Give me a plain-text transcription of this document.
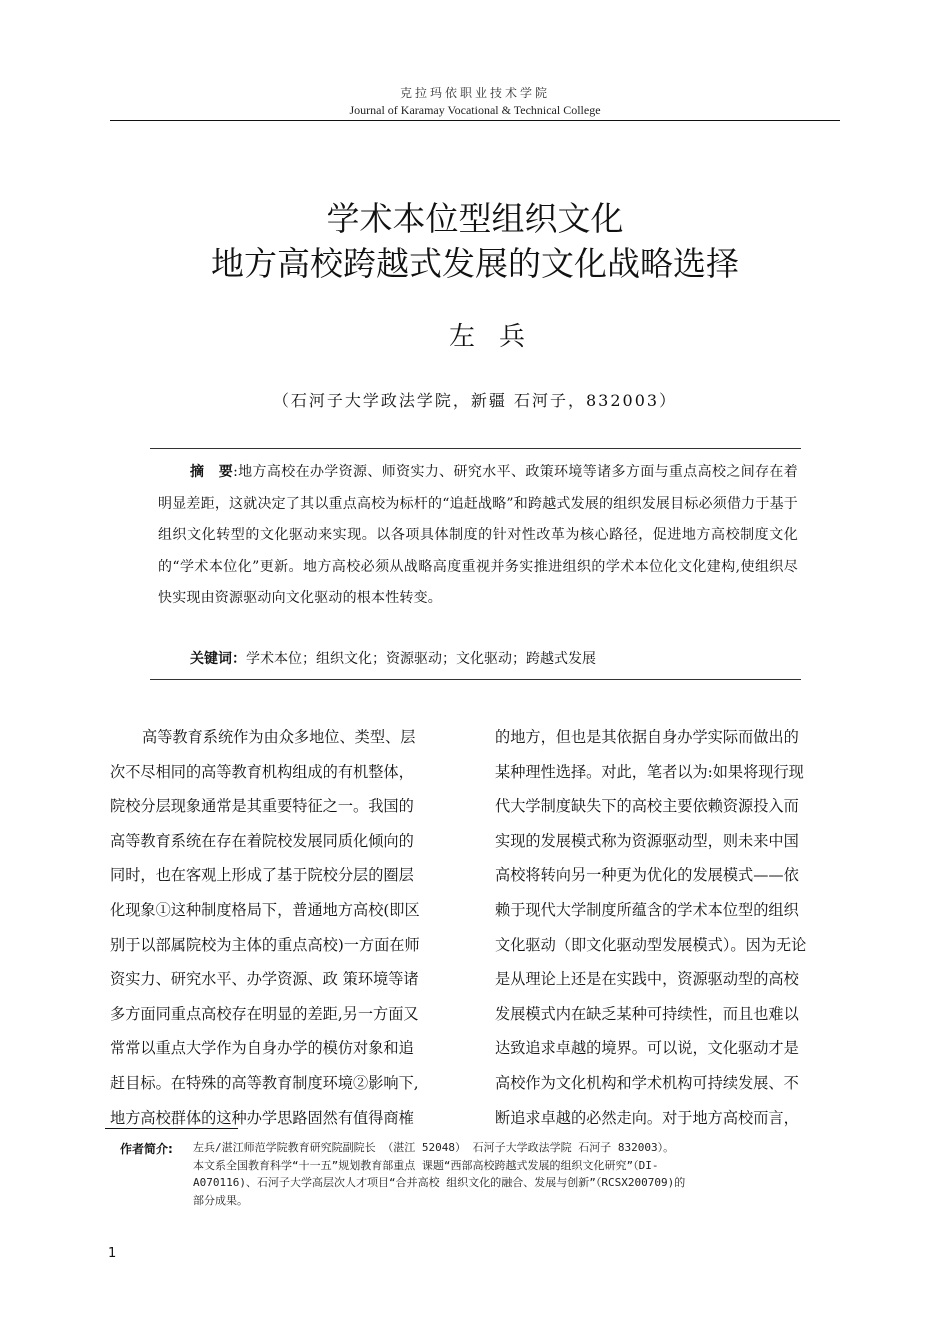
克拉玛依职业技术学院
Journal of Karamay Vocational & Technical College
学术本位型组织文化
地方高校跨越式发展的文化战略选择
左兵
（石河子大学政法学院，新疆 石河子，832003）
摘　要:地方高校在办学资源、师资实力、研究水平、政策环境等诸多方面与重点高校之间存在着明显差距，这就决定了其以重点高校为标杆的“追赶战略”和跨越式发展的组织发展目标必须借力于基于组织文化转型的文化驱动来实现。以各项具体制度的针对性改革为核心路径，促进地方高校制度文化的“学术本位化”更新。地方高校必须从战略高度重视并务实推进组织的学术本位化文化建构,使组织尽快实现由资源驱动向文化驱动的根本性转变。
关键词：学术本位；组织文化；资源驱动；文化驱动；跨越式发展
高等教育系统作为由众多地位、类型、层
次不尽相同的高等教育机构组成的有机整体，
院校分层现象通常是其重要特征之一。我国的
高等教育系统在存在着院校发展同质化倾向的
同时，也在客观上形成了基于院校分层的圈层
化现象①这种制度格局下，普通地方高校(即区
别于以部属院校为主体的重点高校)一方面在师
资实力、研究水平、办学资源、政 策环境等诸
多方面同重点高校存在明显的差距,另一方面又
常常以重点大学作为自身办学的模仿对象和追
赶目标。在特殊的高等教育制度环境②影响下,
地方高校群体的这种办学思路固然有值得商榷
的地方，但也是其依据自身办学实际而做出的
某种理性选择。对此，笔者以为:如果将现行现
代大学制度缺失下的高校主要依赖资源投入而
实现的发展模式称为资源驱动型，则未来中国
高校将转向另一种更为优化的发展模式——依
赖于现代大学制度所蕴含的学术本位型的组织
文化驱动（即文化驱动型发展模式）。因为无论
是从理论上还是在实践中，资源驱动型的高校
发展模式内在缺乏某种可持续性，而且也难以
达致追求卓越的境界。可以说，文化驱动才是
高校作为文化机构和学术机构可持续发展、不
断追求卓越的必然走向。对于地方高校而言，
作者简介: 左兵/湛江师范学院教育研究院副院长 （湛江 52048） 石河子大学政法学院 石河子 832003）。
本文系全国教育科学“十一五”规划教育部重点 课题“西部高校跨越式发展的组织文化研究”（DI-
A070116)、石河子大学高层次人才项目“合并高校 组织文化的融合、发展与创新”（RCSX200709)的
部分成果。
1
